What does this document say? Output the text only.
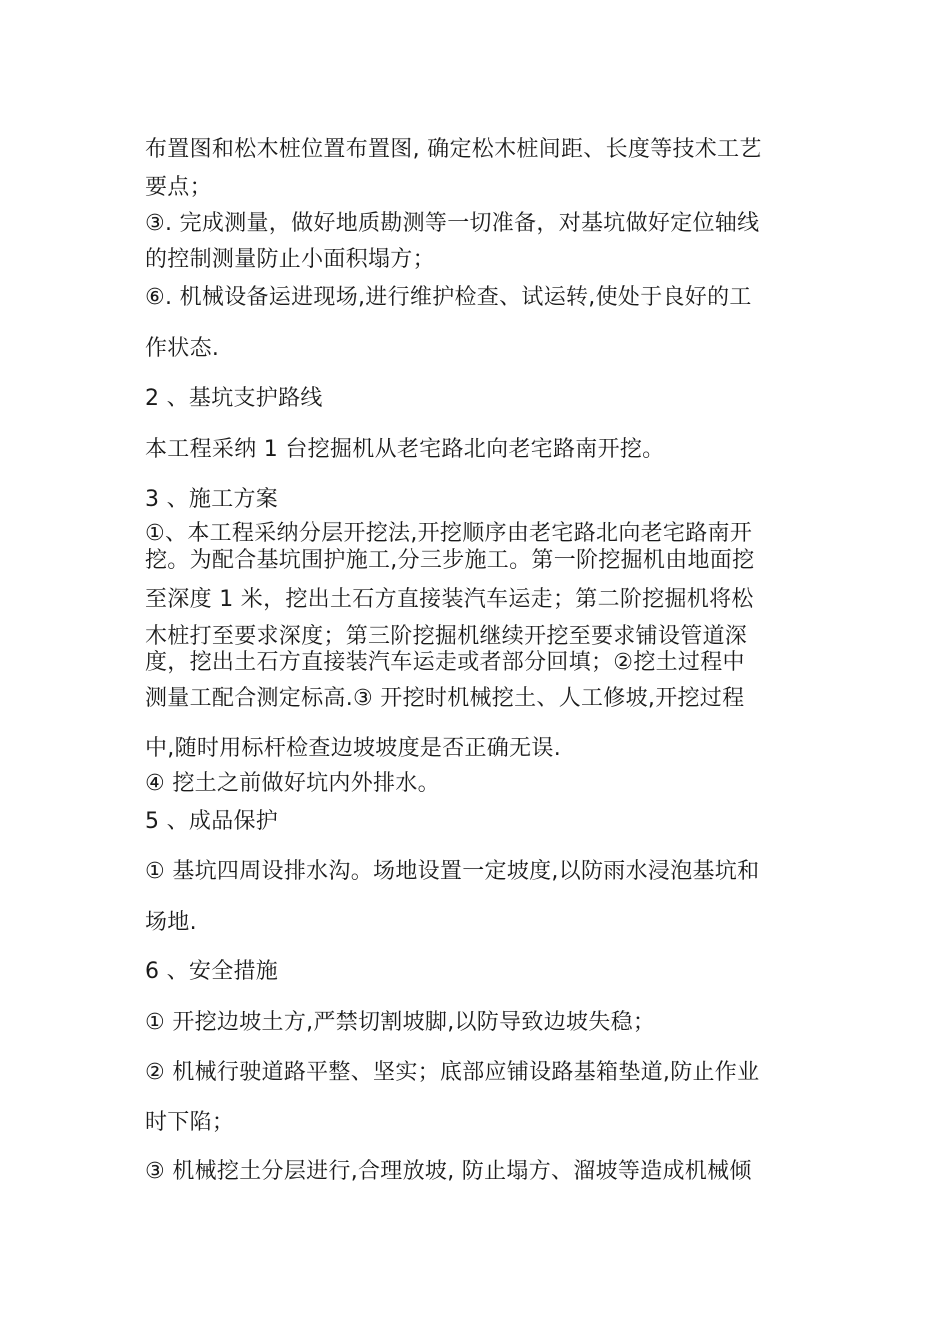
布置图和松木桩位置布置图, 确定松木桩间距、长度等技术工艺
要点；
③. 完成测量，做好地质勘测等一切准备，对基坑做好定位轴线
的控制测量防止小面积塌方；
⑥. 机械设备运进现场,进行维护检查、试运转,使处于良好的工
作状态.
2 、基坑支护路线
本工程采纳 1 台挖掘机从老宅路北向老宅路南开挖。
3 、施工方案
①、本工程采纳分层开挖法,开挖顺序由老宅路北向老宅路南开
挖。为配合基坑围护施工,分三步施工。第一阶挖掘机由地面挖
至深度 1 米，挖出土石方直接装汽车运走；第二阶挖掘机将松
木桩打至要求深度；第三阶挖掘机继续开挖至要求铺设管道深
度，挖出土石方直接装汽车运走或者部分回填；②挖土过程中
测量工配合测定标高.③ 开挖时机械挖土、人工修坡,开挖过程
中,随时用标杆检查边坡坡度是否正确无误.
④ 挖土之前做好坑内外排水。
5 、成品保护
① 基坑四周设排水沟。场地设置一定坡度,以防雨水浸泡基坑和
场地.
6 、安全措施
① 开挖边坡土方,严禁切割坡脚,以防导致边坡失稳；
② 机械行驶道路平整、坚实；底部应铺设路基箱垫道,防止作业
时下陷；
③ 机械挖土分层进行,合理放坡, 防止塌方、溜坡等造成机械倾
